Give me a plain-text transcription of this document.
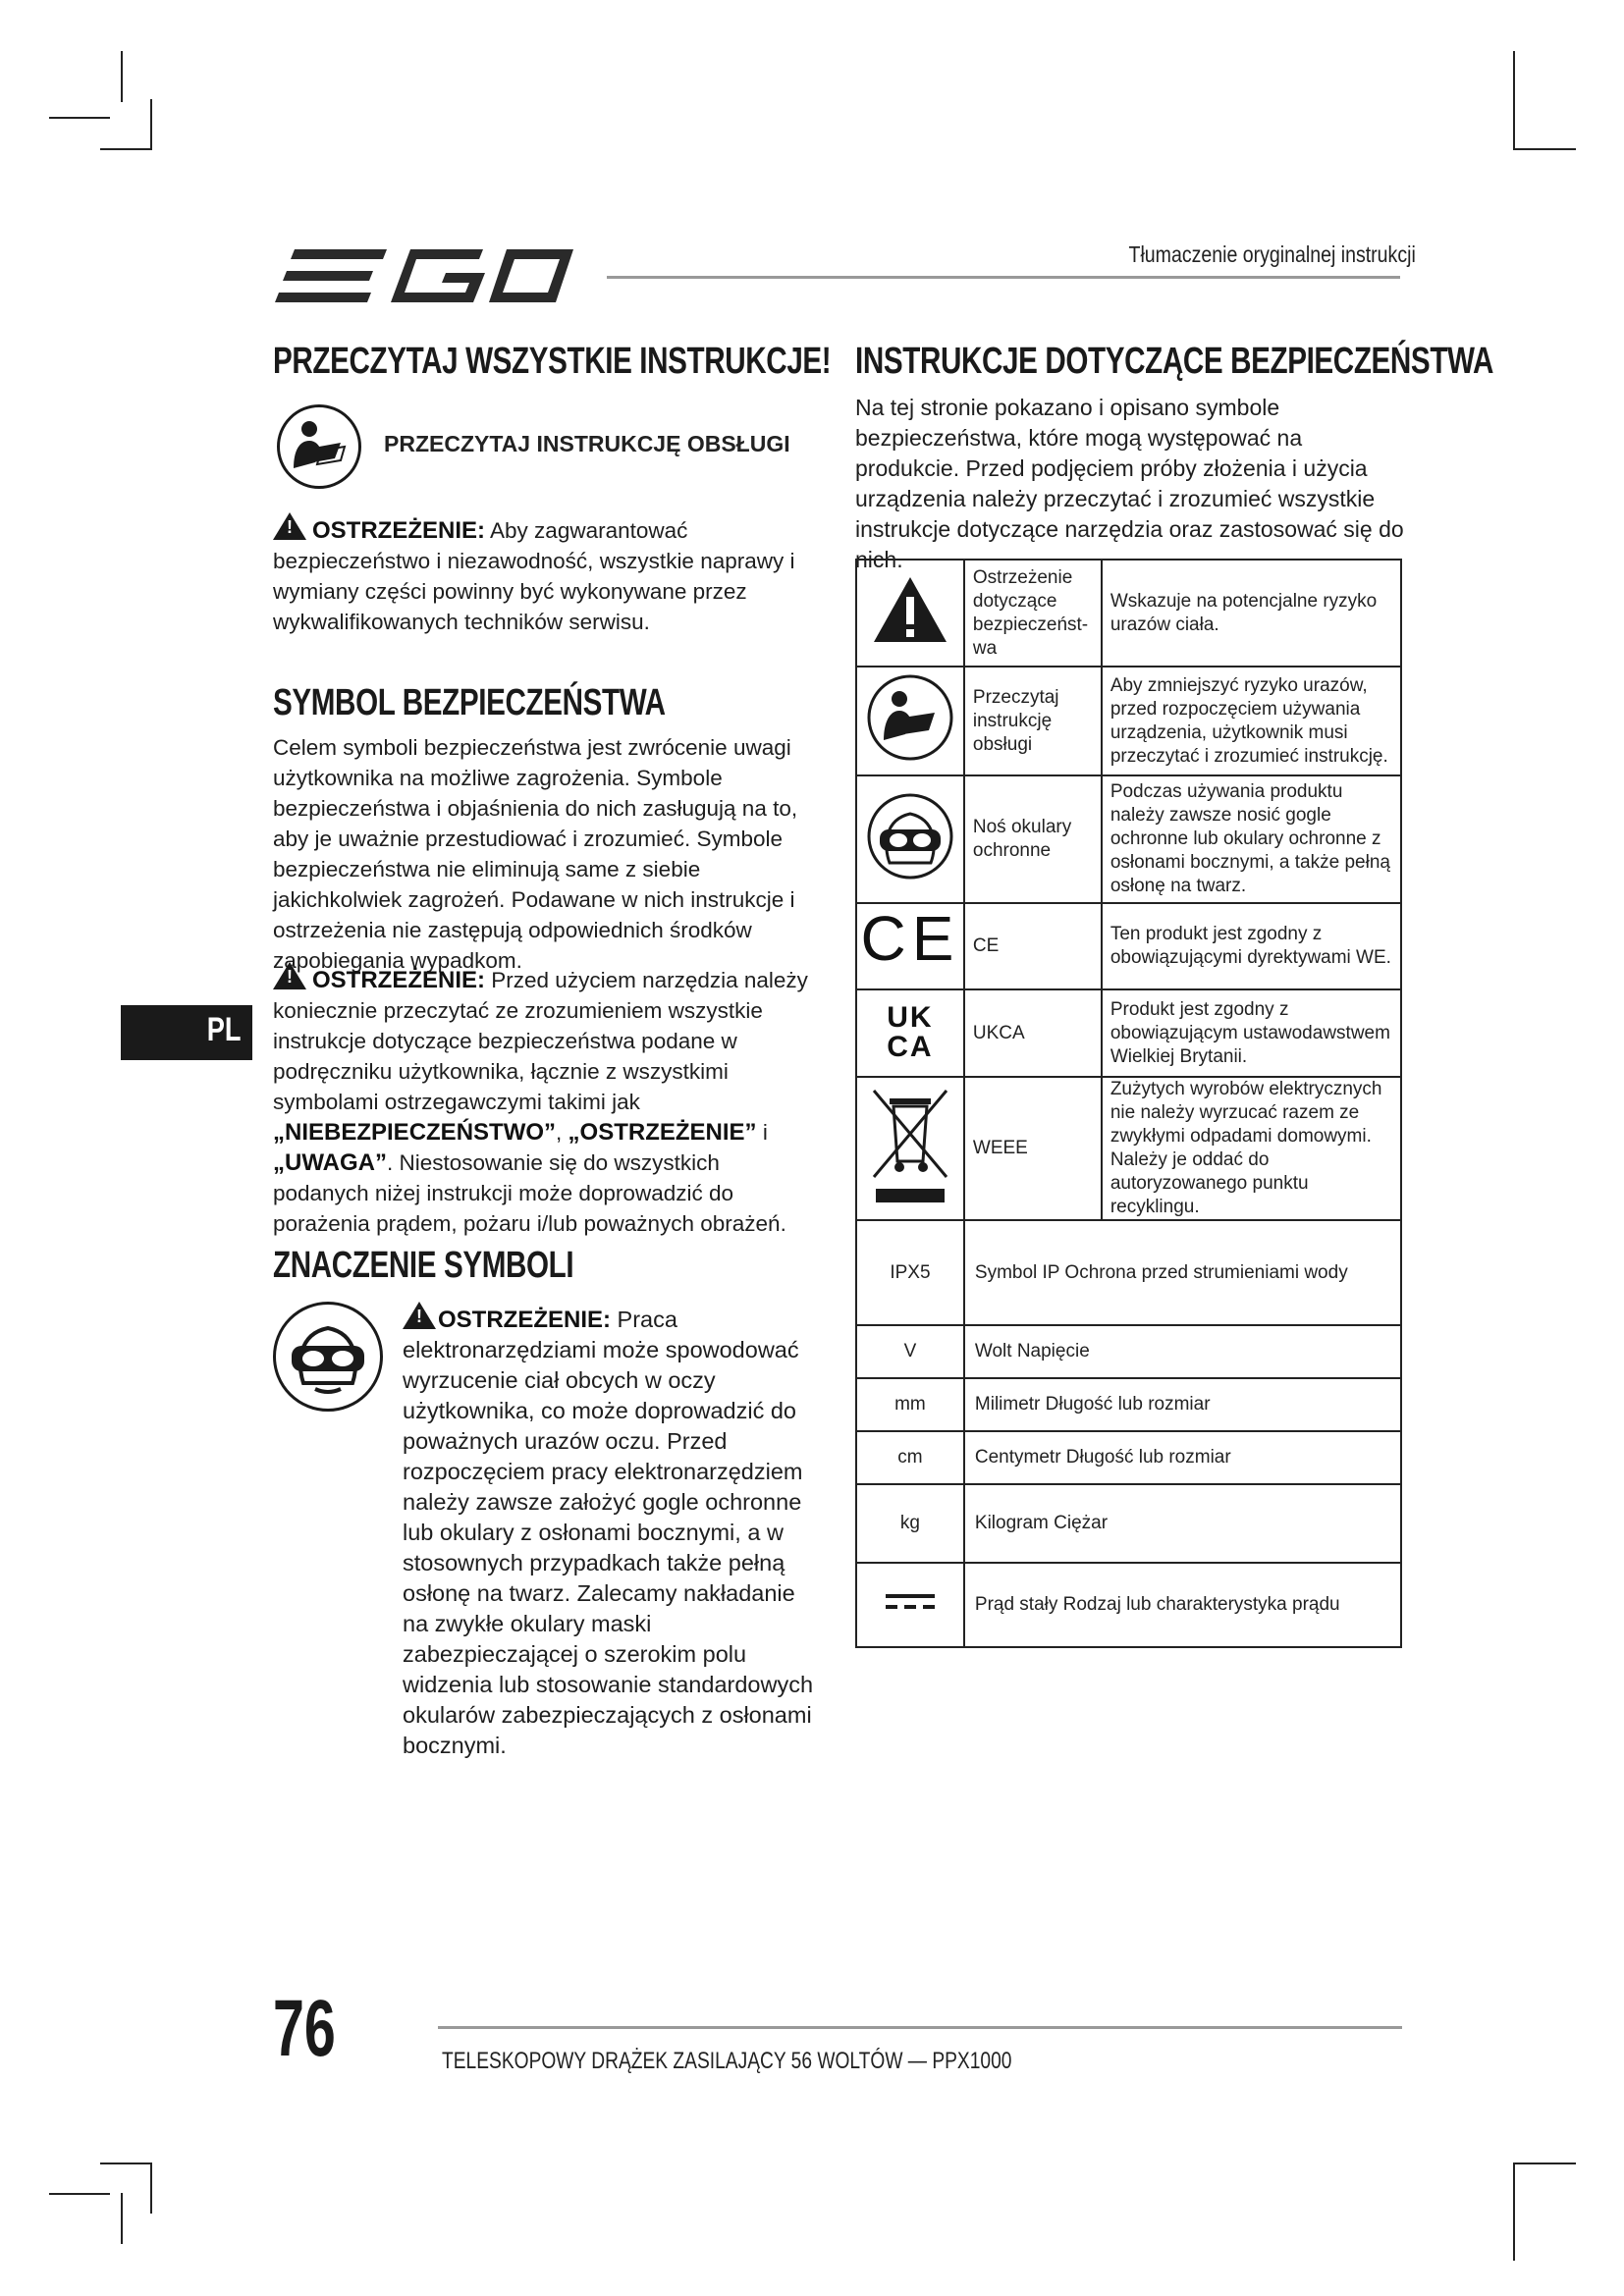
Tłumaczenie oryginalnej instrukcji
PRZECZYTAJ WSZYSTKIE INSTRUKCJE!
PRZECZYTAJ INSTRUKCJĘ OBSŁUGI

!OSTRZEŻENIE: Aby zagwarantować bezpieczeństwo i niezawodność, wszystkie naprawy i wymiany części powinny być wykonywane przez wykwalifikowanych techników serwisu.

SYMBOL BEZPIECZEŃSTWA

Celem symboli bezpieczeństwa jest zwrócenie uwagi użytkownika na możliwe zagrożenia. Symbole bezpieczeństwa i objaśnienia do nich zasługują na to, aby je uważnie przestudiować i zrozumieć. Symbole bezpieczeństwa nie eliminują same z siebie jakichkolwiek zagrożeń. Podawane w nich instrukcje i ostrzeżenia nie zastępują odpowiednich środków zapobiegania wypadkom.

!OSTRZEŻENIE: Przed użyciem narzędzia należy koniecznie przeczytać ze zrozumieniem wszystkie instrukcje dotyczące bezpieczeństwa podane w podręczniku użytkownika, łącznie z wszystkimi symbolami ostrzegawczymi takimi jak „NIEBEZPIECZEŃSTWO”, „OSTRZEŻENIE” i „UWAGA”. Niestosowanie się do wszystkich podanych niżej instrukcji może doprowadzić do porażenia prądem, pożaru i/lub poważnych obrażeń.

ZNACZENIE SYMBOLI

!OSTRZEŻENIE: Praca elektronarzędziami może spowodować wyrzucenie ciał obcych w oczy użytkownika, co może doprowadzić do poważnych urazów oczu. Przed rozpoczęciem pracy elektronarzędziem należy zawsze założyć gogle ochronne lub okulary z osłonami bocznymi, a w stosownych przypadkach także pełną osłonę na twarz. Zalecamy nakładanie na zwykłe okulary maski zabezpieczającej o szerokim polu widzenia lub stosowanie standardowych okularów zabezpieczających z osłonami bocznymi.

PL
INSTRUKCJE DOTYCZĄCE BEZPIECZEŃSTWA

Na tej stronie pokazano i opisano symbole bezpieczeństwa, które mogą występować na produkcie. Przed podjęciem próby złożenia i użycia urządzenia należy przeczytać i zrozumieć wszystkie instrukcje dotyczące narzędzia oraz zastosować się do nich.

	Ostrzeżenie dotyczące bezpieczeńst-wa	Wskazuje na potencjalne ryzyko urazów ciała.
	Przeczytaj instrukcję obsługi	Aby zmniejszyć ryzyko urazów, przed rozpoczęciem używania urządzenia, użytkownik musi przeczytać i zrozumieć instrukcję.
	Noś okulary ochronne	Podczas używania produktu należy zawsze nosić gogle ochronne lub okulary ochronne z osłonami bocznymi, a także pełną osłonę na twarz.
CE	CE	Ten produkt jest zgodny z obowiązującymi dyrektywami WE.
UK CA	UKCA	Produkt jest zgodny z obowiązującym ustawodawstwem Wielkiej Brytanii.
	WEEE	Zużytych wyrobów elektrycznych nie należy wyrzucać razem ze zwykłymi odpadami domowymi. Należy je oddać do autoryzowanego punktu recyklingu.
IPX5	Symbol IP Ochrona przed strumieniami wody	
V	Wolt Napięcie	
mm	Milimetr Długość lub rozmiar	
cm	Centymetr Długość lub rozmiar	
kg	Kilogram Ciężar	
	Prąd stały Rodzaj lub charakterystyka prądu	
76	TELESKOPOWY DRĄŻEK ZASILAJĄCY 56 WOLTÓW — PPX1000
